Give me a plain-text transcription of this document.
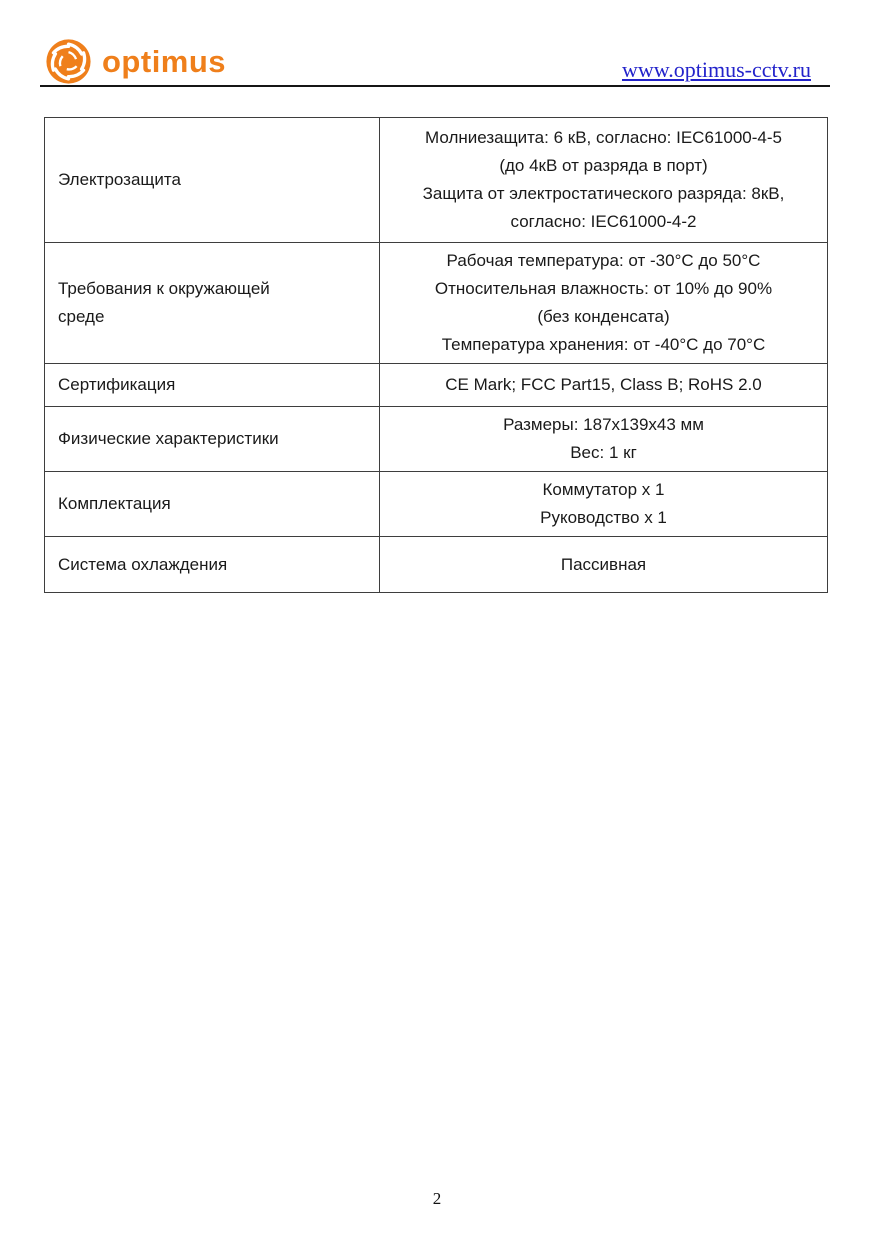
optimus	www.optimus-cctv.ru
Электрозащита	Молниезащита: 6 кВ, согласно: IEC61000-4-5
(до 4кВ от разряда в порт)
Защита от электростатического разряда: 8кВ,
согласно: IEC61000-4-2

Требования к окружающей среде	Рабочая температура: от -30°C до 50°C
Относительная влажность: от 10% до 90%
(без конденсата)
Температура хранения: от -40°C до 70°C

Сертификация	CE Mark; FCC Part15, Class B; RoHS 2.0

Физические характеристики	Размеры: 187х139х43 мм
Вес: 1 кг

Комплектация	Коммутатор х 1
Руководство х 1

Система охлаждения	Пассивная
2
